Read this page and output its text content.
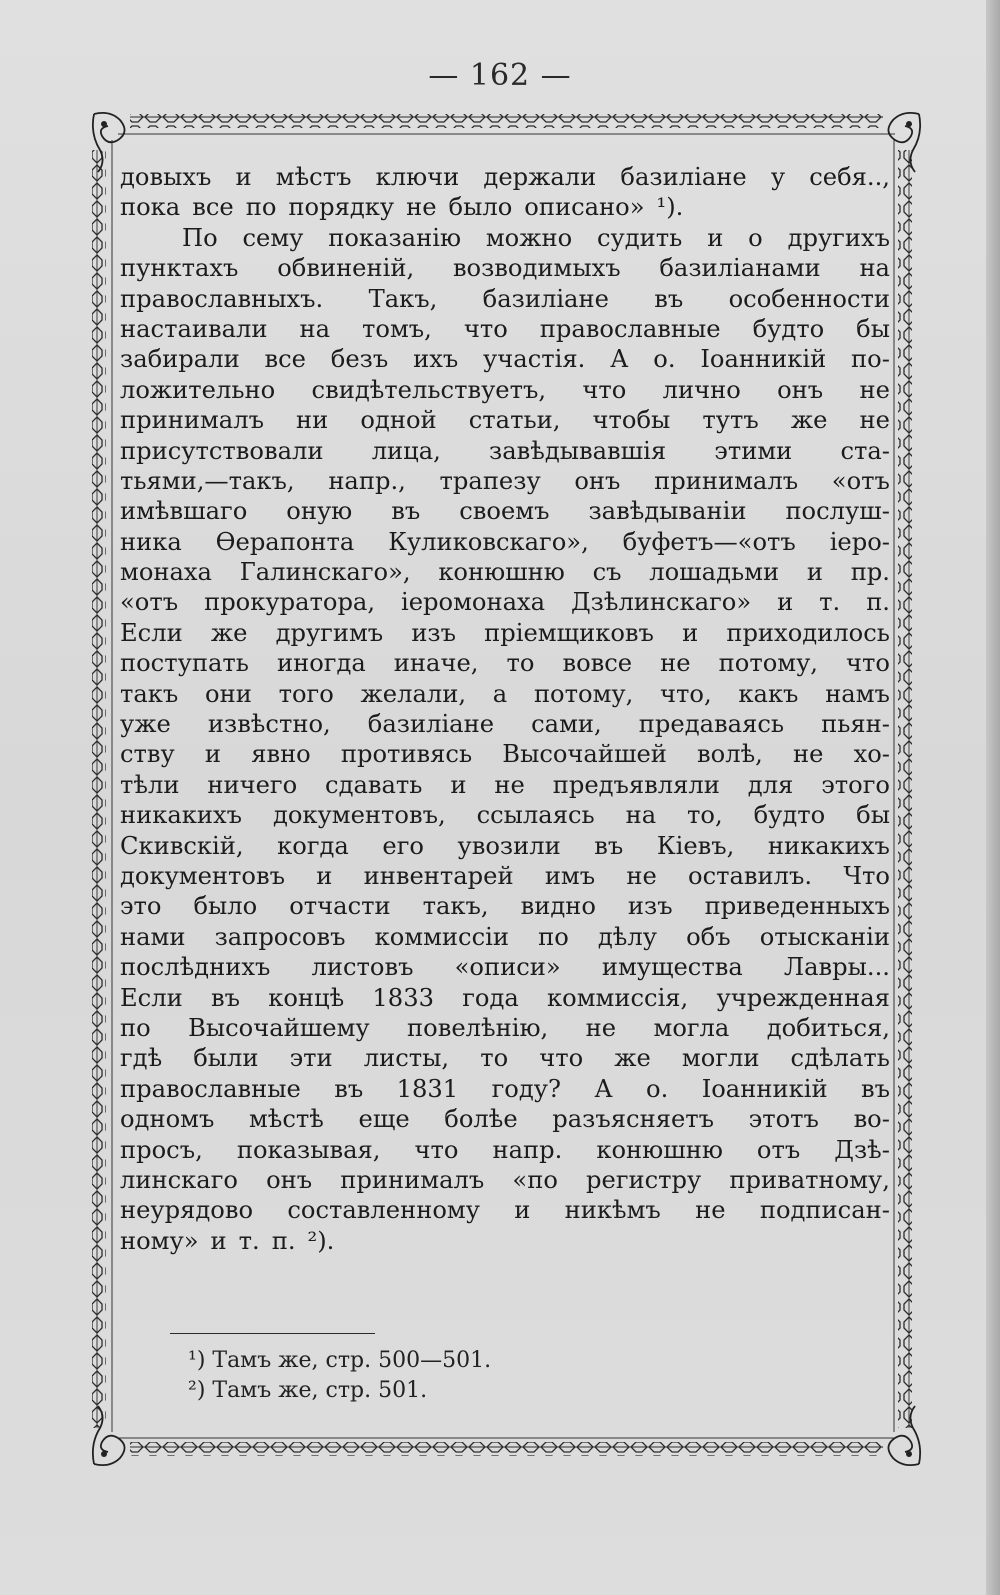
— 162 —
довыхъ и мѣстъ ключи держали базиліане у себя..,
пока все по порядку не было описано» ¹).
По сему показанію можно судить и о другихъ
пунктахъ обвиненій, возводимыхъ базиліанами на
православныхъ. Такъ, базиліане въ особенности
настаивали на томъ, что православные будто бы
забирали все безъ ихъ участія. А о. Іоанникій по-
ложительно свидѣтельствуетъ, что лично онъ не
принималъ ни одной статьи, чтобы тутъ же не
присутствовали лица, завѣдывавшія этими ста-
тьями,—такъ, напр., трапезу онъ принималъ «отъ
имѣвшаго оную въ своемъ завѣдываніи послуш-
ника Ѳерапонта Куликовскаго», буфетъ—«отъ іеро-
монаха Галинскаго», конюшню съ лошадьми и пр.
«отъ прокуратора, іеромонаха Дзѣлинскаго» и т. п.
Если же другимъ изъ пріемщиковъ и приходилось
поступать иногда иначе, то вовсе не потому, что
такъ они того желали, а потому, что, какъ намъ
уже извѣстно, базиліане сами, предаваясь пьян-
ству и явно противясь Высочайшей волѣ, не хо-
тѣли ничего сдавать и не предъявляли для этого
никакихъ документовъ, ссылаясь на то, будто бы
Скивскій, когда его увозили въ Кіевъ, никакихъ
документовъ и инвентарей имъ не оставилъ. Что
это было отчасти такъ, видно изъ приведенныхъ
нами запросовъ коммиссіи по дѣлу объ отысканіи
послѣднихъ листовъ «описи» имущества Лавры...
Если въ концѣ 1833 года коммиссія, учрежденная
по Высочайшему повелѣнію, не могла добиться,
гдѣ были эти листы, то что же могли сдѣлать
православные въ 1831 году? А о. Іоанникій въ
одномъ мѣстѣ еще болѣе разъясняетъ этотъ во-
просъ, показывая, что напр. конюшню отъ Дзѣ-
линскаго онъ принималъ «по регистру приватному,
неурядово составленному и никѣмъ не подписан-
ному» и т. п. ²).
¹) Тамъ же, стр. 500—501.
²) Тамъ же, стр. 501.
